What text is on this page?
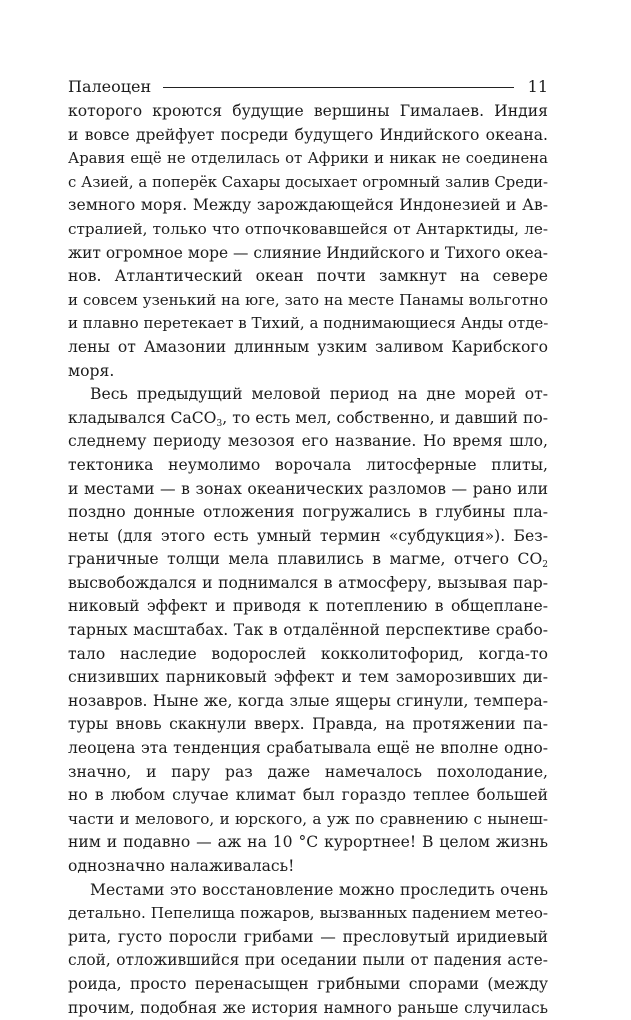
Палеоцен	11
которого кроются будущие вершины Гималаев. Индия
и вовсе дрейфует посреди будущего Индийского океана.
Аравия ещё не отделилась от Африки и никак не соединена
с Азией, а поперёк Сахары досыхает огромный залив Среди-
земного моря. Между зарождающейся Индонезией и Ав-
стралией, только что отпочковавшейся от Антарктиды, ле-
жит огромное море — слияние Индийского и Тихого океа-
нов. Атлантический океан почти замкнут на севере
и совсем узенький на юге, зато на месте Панамы вольготно
и плавно перетекает в Тихий, а поднимающиеся Анды отде-
лены от Амазонии длинным узким заливом Карибского
моря.
Весь предыдущий меловой период на дне морей от-
кладывался CaCO$_3$, то есть мел, собственно, и давший по-
следнему периоду мезозоя его название. Но время шло,
тектоника неумолимо ворочала литосферные плиты,
и местами — в зонах океанических разломов — рано или
поздно донные отложения погружались в глубины пла-
неты (для этого есть умный термин «субдукция»). Без-
граничные толщи мела плавились в магме, отчего $CO_2$
высвобождался и поднимался в атмосферу, вызывая пар-
никовый эффект и приводя к потеплению в общеплане-
тарных масштабах. Так в отдалённой перспективе срабо-
тало наследие водорослей кокколитофорид, когда-то
снизивших парниковый эффект и тем заморозивших ди-
нозавров. Ныне же, когда злые ящеры сгинули, темпера-
туры вновь скакнули вверх. Правда, на протяжении па-
леоцена эта тенденция срабатывала ещё не вполне одно-
значно, и пару раз даже намечалось похолодание,
но в любом случае климат был гораздо теплее большей
части и мелового, и юрского, а уж по сравнению с нынеш-
ним и подавно — аж на 10 °С курортнее! В целом жизнь
однозначно налаживалась!
Местами это восстановление можно проследить очень
детально. Пепелища пожаров, вызванных падением метео-
рита, густо поросли грибами — пресловутый иридиевый
слой, отложившийся при оседании пыли от падения асте-
роида, просто перенасыщен грибными спорами (между
прочим, подобная же история намного раньше случилась
